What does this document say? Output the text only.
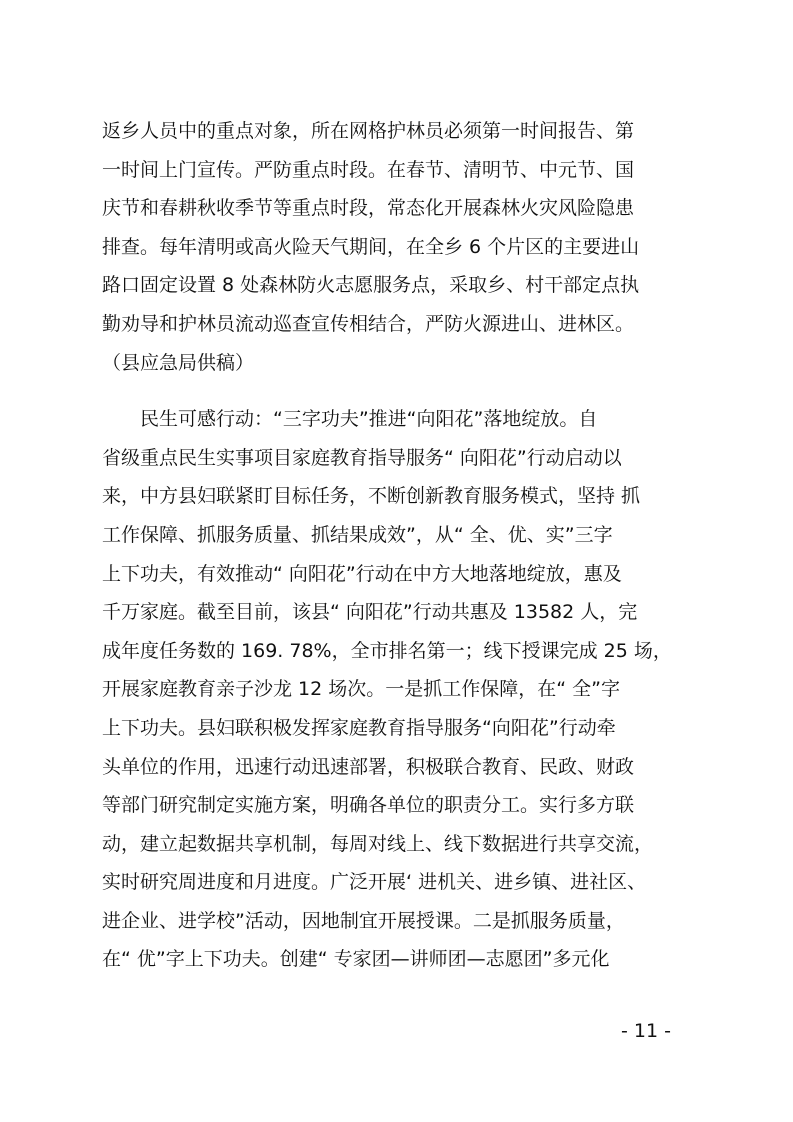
返乡人员中的重点对象，所在网格护林员必须第一时间报告、第
一时间上门宣传。严防重点时段。在春节、清明节、中元节、国
庆节和春耕秋收季节等重点时段，常态化开展森林火灾风险隐患
排查。每年清明或高火险天气期间，在全乡 6 个片区的主要进山
路口固定设置 8 处森林防火志愿服务点，采取乡、村干部定点执
勤劝导和护林员流动巡查宣传相结合，严防火源进山、进林区。
（县应急局供稿）
　　民生可感行动：“三字功夫”推进“向阳花”落地绽放。自
省级重点民生实事项目家庭教育指导服务“ 向阳花”行动启动以
来，中方县妇联紧盯目标任务，不断创新教育服务模式，坚持 抓
工作保障、抓服务质量、抓结果成效”，从“ 全、优、实”三字
上下功夫，有效推动“ 向阳花”行动在中方大地落地绽放，惠及
千万家庭。截至目前，该县“ 向阳花”行动共惠及 13582 人，完
成年度任务数的 169. 78%，全市排名第一；线下授课完成 25 场，
开展家庭教育亲子沙龙 12 场次。一是抓工作保障，在“ 全”字
上下功夫。县妇联积极发挥家庭教育指导服务“向阳花”行动牵
头单位的作用，迅速行动迅速部署，积极联合教育、民政、财政
等部门研究制定实施方案，明确各单位的职责分工。实行多方联
动，建立起数据共享机制，每周对线上、线下数据进行共享交流，
实时研究周进度和月进度。广泛开展‘ 进机关、进乡镇、进社区、
进企业、进学校”活动，因地制宜开展授课。二是抓服务质量，
在“ 优”字上下功夫。创建“ 专家团—讲师团—志愿团”多元化
- 11 -
